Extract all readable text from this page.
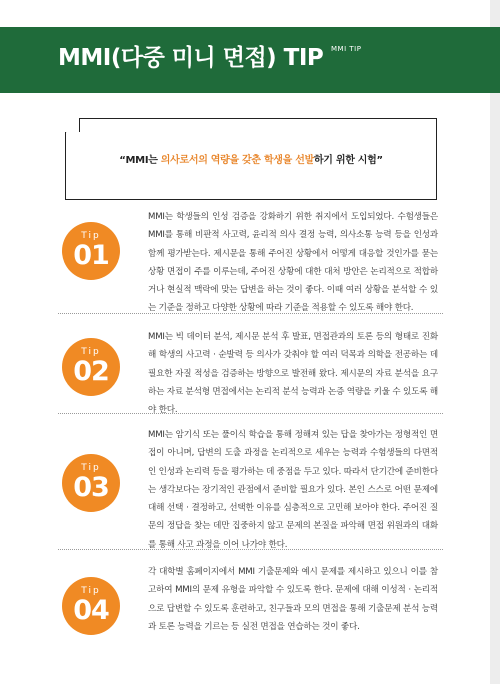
MMI(다중 미니 면접) TIP MMI TIP

“MMI는 의사로서의 역량을 갖춘 학생을 선발하기 위한 시험”

Tip
01

MMI는 학생들의 인성 검증을 강화하기 위한 취지에서 도입되었다. 수험생들은 MMI를 통해 비판적 사고력, 윤리적 의사 결정 능력, 의사소통 능력 등을 인성과 함께 평가받는다. 제시문을 통해 주어진 상황에서 어떻게 대응할 것인가를 묻는 상황 면접이 주를 이루는데, 주어진 상황에 대한 대처 방안은 논리적으로 적합하거나 현실적 맥락에 맞는 답변을 하는 것이 좋다. 이때 여러 상황을 분석할 수 있는 기준을 정하고 다양한 상황에 따라 기준을 적용할 수 있도록 해야 한다.

Tip
02

MMI는 빅 데이터 분석, 제시문 분석 후 발표, 면접관과의 토론 등의 형태로 진화해 학생의 사고력 · 순발력 등 의사가 갖춰야 할 여러 덕목과 의학을 전공하는 데 필요한 자질 적성을 검증하는 방향으로 발전해 왔다. 제시문의 자료 분석을 요구하는 자료 분석형 면접에서는 논리적 분석 능력과 논증 역량을 키울 수 있도록 해야 한다.

Tip
03

MMI는 암기식 또는 풀이식 학습을 통해 정해져 있는 답을 찾아가는 정형적인 면접이 아니며, 답변의 도출 과정을 논리적으로 세우는 능력과 수험생들의 다면적인 인성과 논리력 등을 평가하는 데 중점을 두고 있다. 따라서 단기간에 준비한다는 생각보다는 장기적인 관점에서 준비할 필요가 있다. 본인 스스로 어떤 문제에 대해 선택 · 결정하고, 선택한 이유를 심층적으로 고민해 보아야 한다. 주어진 질문의 정답을 찾는 데만 집중하지 않고 문제의 본질을 파악해 면접 위원과의 대화를 통해 사고 과정을 이어 나가야 한다.

Tip
04

각 대학별 홈페이지에서 MMI 기출문제와 예시 문제를 제시하고 있으니 이를 참고하여 MMI의 문제 유형을 파악할 수 있도록 한다. 문제에 대해 이성적 · 논리적으로 답변할 수 있도록 훈련하고, 친구들과 모의 면접을 통해 기출문제 분석 능력과 토론 능력을 기르는 등 실전 면접을 연습하는 것이 좋다.
